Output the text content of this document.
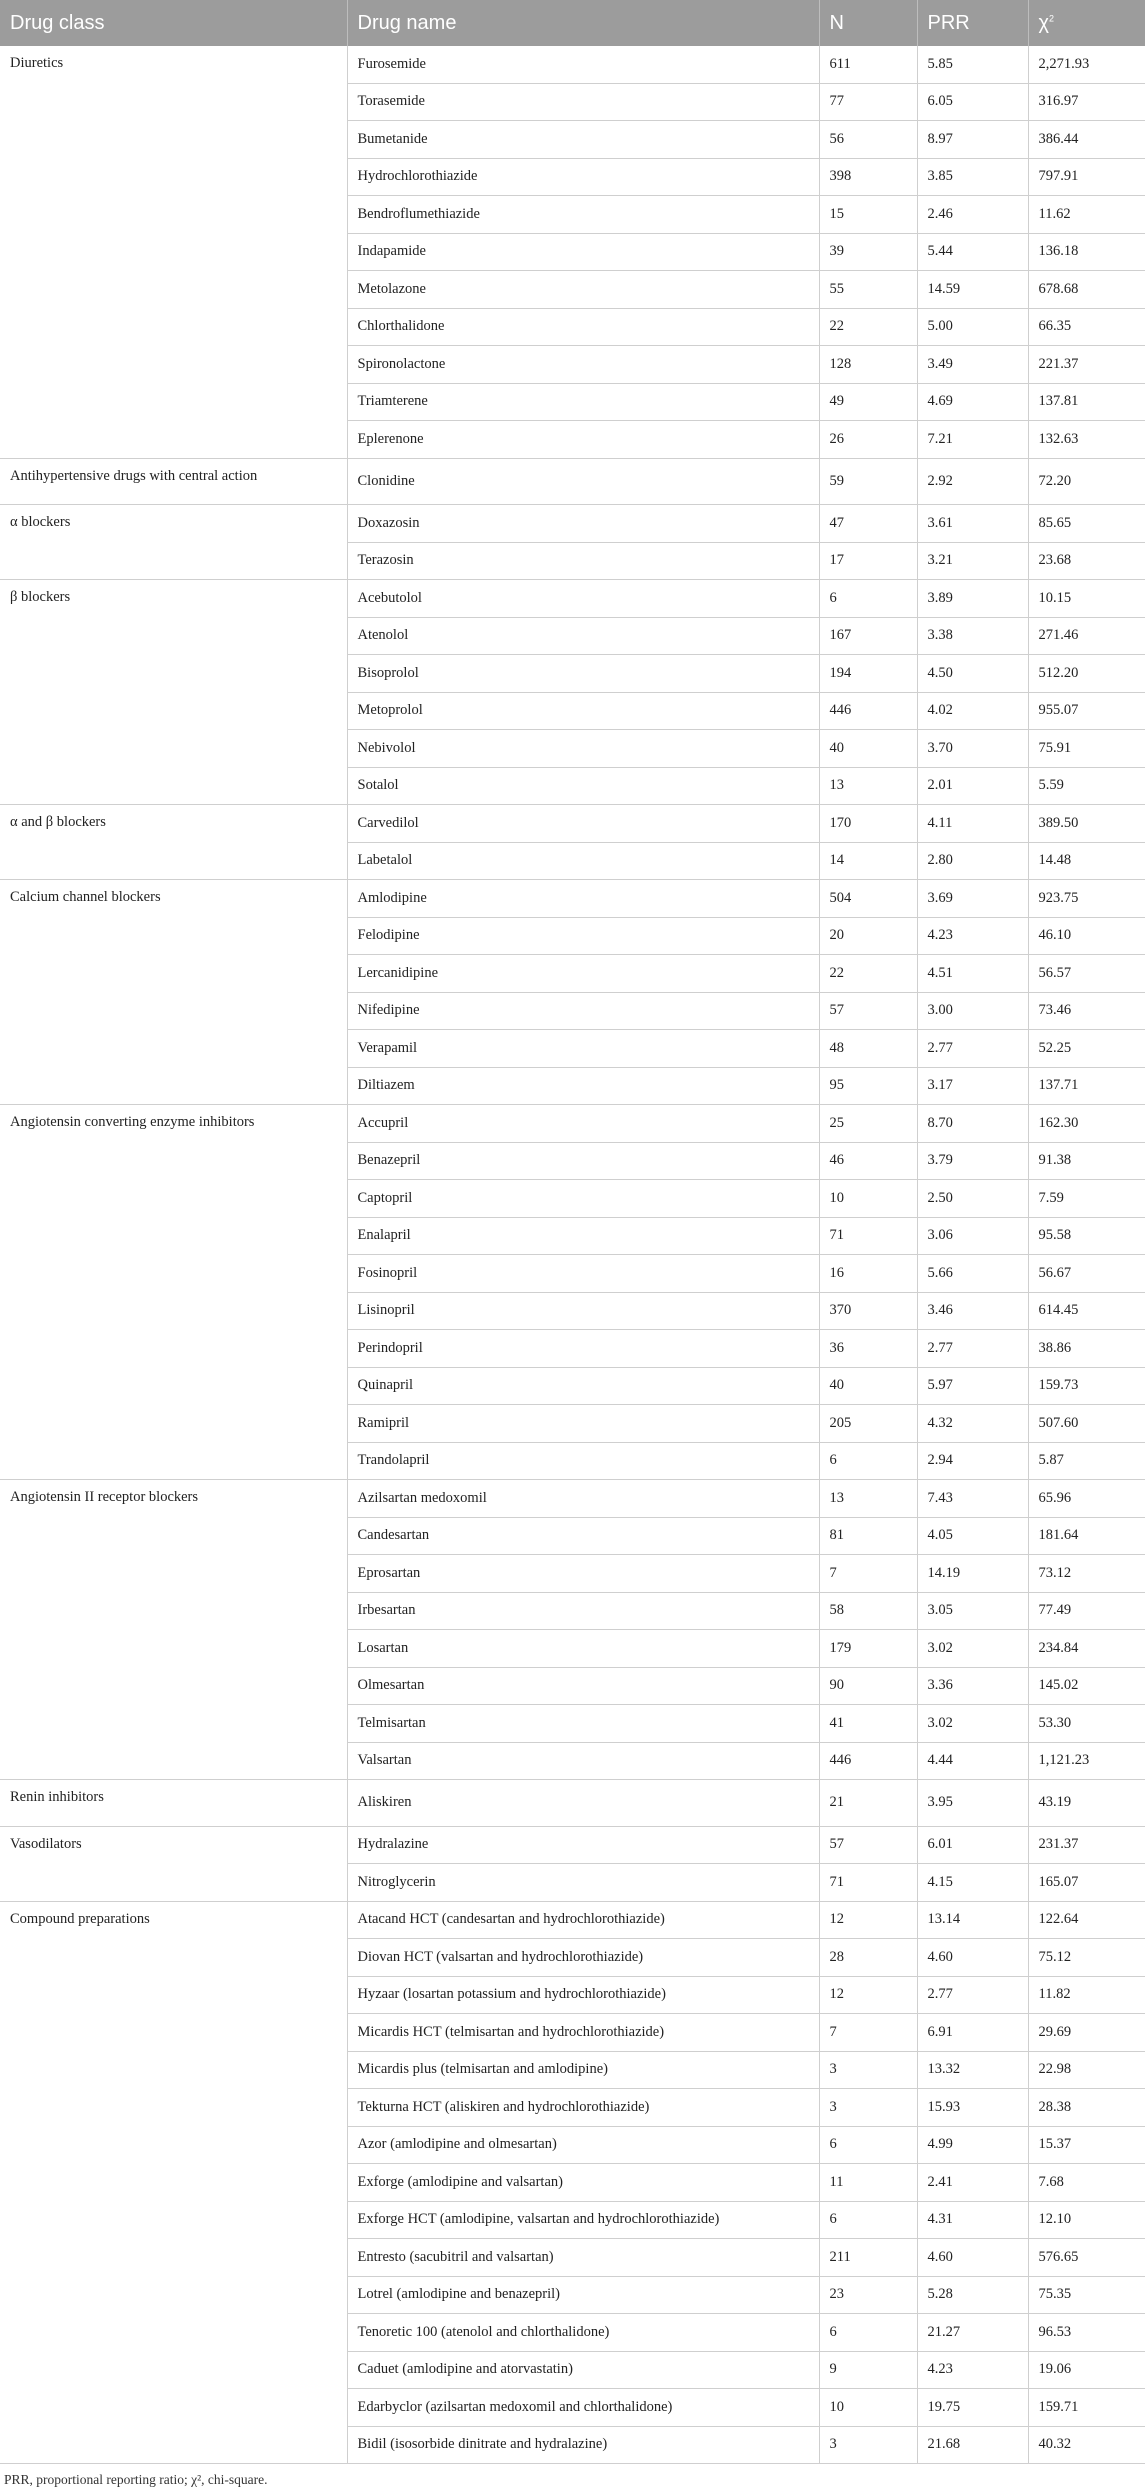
Drug class	Drug name	N	PRR	$\chi^2$
Diuretics	Furosemide	611	5.85	2,271.93
	Torasemide	77	6.05	316.97
	Bumetanide	56	8.97	386.44
	Hydrochlorothiazide	398	3.85	797.91
	Bendroflumethiazide	15	2.46	11.62
	Indapamide	39	5.44	136.18
	Metolazone	55	14.59	678.68
	Chlorthalidone	22	5.00	66.35
	Spironolactone	128	3.49	221.37
	Triamterene	49	4.69	137.81
	Eplerenone	26	7.21	132.63
Antihypertensive drugs with central action	Clonidine	59	2.92	72.20
α blockers	Doxazosin	47	3.61	85.65
	Terazosin	17	3.21	23.68
β blockers	Acebutolol	6	3.89	10.15
	Atenolol	167	3.38	271.46
	Bisoprolol	194	4.50	512.20
	Metoprolol	446	4.02	955.07
	Nebivolol	40	3.70	75.91
	Sotalol	13	2.01	5.59
α and β blockers	Carvedilol	170	4.11	389.50
	Labetalol	14	2.80	14.48
Calcium channel blockers	Amlodipine	504	3.69	923.75
	Felodipine	20	4.23	46.10
	Lercanidipine	22	4.51	56.57
	Nifedipine	57	3.00	73.46
	Verapamil	48	2.77	52.25
	Diltiazem	95	3.17	137.71
Angiotensin converting enzyme inhibitors	Accupril	25	8.70	162.30
	Benazepril	46	3.79	91.38
	Captopril	10	2.50	7.59
	Enalapril	71	3.06	95.58
	Fosinopril	16	5.66	56.67
	Lisinopril	370	3.46	614.45
	Perindopril	36	2.77	38.86
	Quinapril	40	5.97	159.73
	Ramipril	205	4.32	507.60
	Trandolapril	6	2.94	5.87
Angiotensin II receptor blockers	Azilsartan medoxomil	13	7.43	65.96
	Candesartan	81	4.05	181.64
	Eprosartan	7	14.19	73.12
	Irbesartan	58	3.05	77.49
	Losartan	179	3.02	234.84
	Olmesartan	90	3.36	145.02
	Telmisartan	41	3.02	53.30
	Valsartan	446	4.44	1,121.23
Renin inhibitors	Aliskiren	21	3.95	43.19
Vasodilators	Hydralazine	57	6.01	231.37
	Nitroglycerin	71	4.15	165.07
Compound preparations	Atacand HCT (candesartan and hydrochlorothiazide)	12	13.14	122.64
	Diovan HCT (valsartan and hydrochlorothiazide)	28	4.60	75.12
	Hyzaar (losartan potassium and hydrochlorothiazide)	12	2.77	11.82
	Micardis HCT (telmisartan and hydrochlorothiazide)	7	6.91	29.69
	Micardis plus (telmisartan and amlodipine)	3	13.32	22.98
	Tekturna HCT (aliskiren and hydrochlorothiazide)	3	15.93	28.38
	Azor (amlodipine and olmesartan)	6	4.99	15.37
	Exforge (amlodipine and valsartan)	11	2.41	7.68
	Exforge HCT (amlodipine, valsartan and hydrochlorothiazide)	6	4.31	12.10
	Entresto (sacubitril and valsartan)	211	4.60	576.65
	Lotrel (amlodipine and benazepril)	23	5.28	75.35
	Tenoretic 100 (atenolol and chlorthalidone)	6	21.27	96.53
	Caduet (amlodipine and atorvastatin)	9	4.23	19.06
	Edarbyclor (azilsartan medoxomil and chlorthalidone)	10	19.75	159.71
	Bidil (isosorbide dinitrate and hydralazine)	3	21.68	40.32
PRR, proportional reporting ratio; χ², chi-square.
